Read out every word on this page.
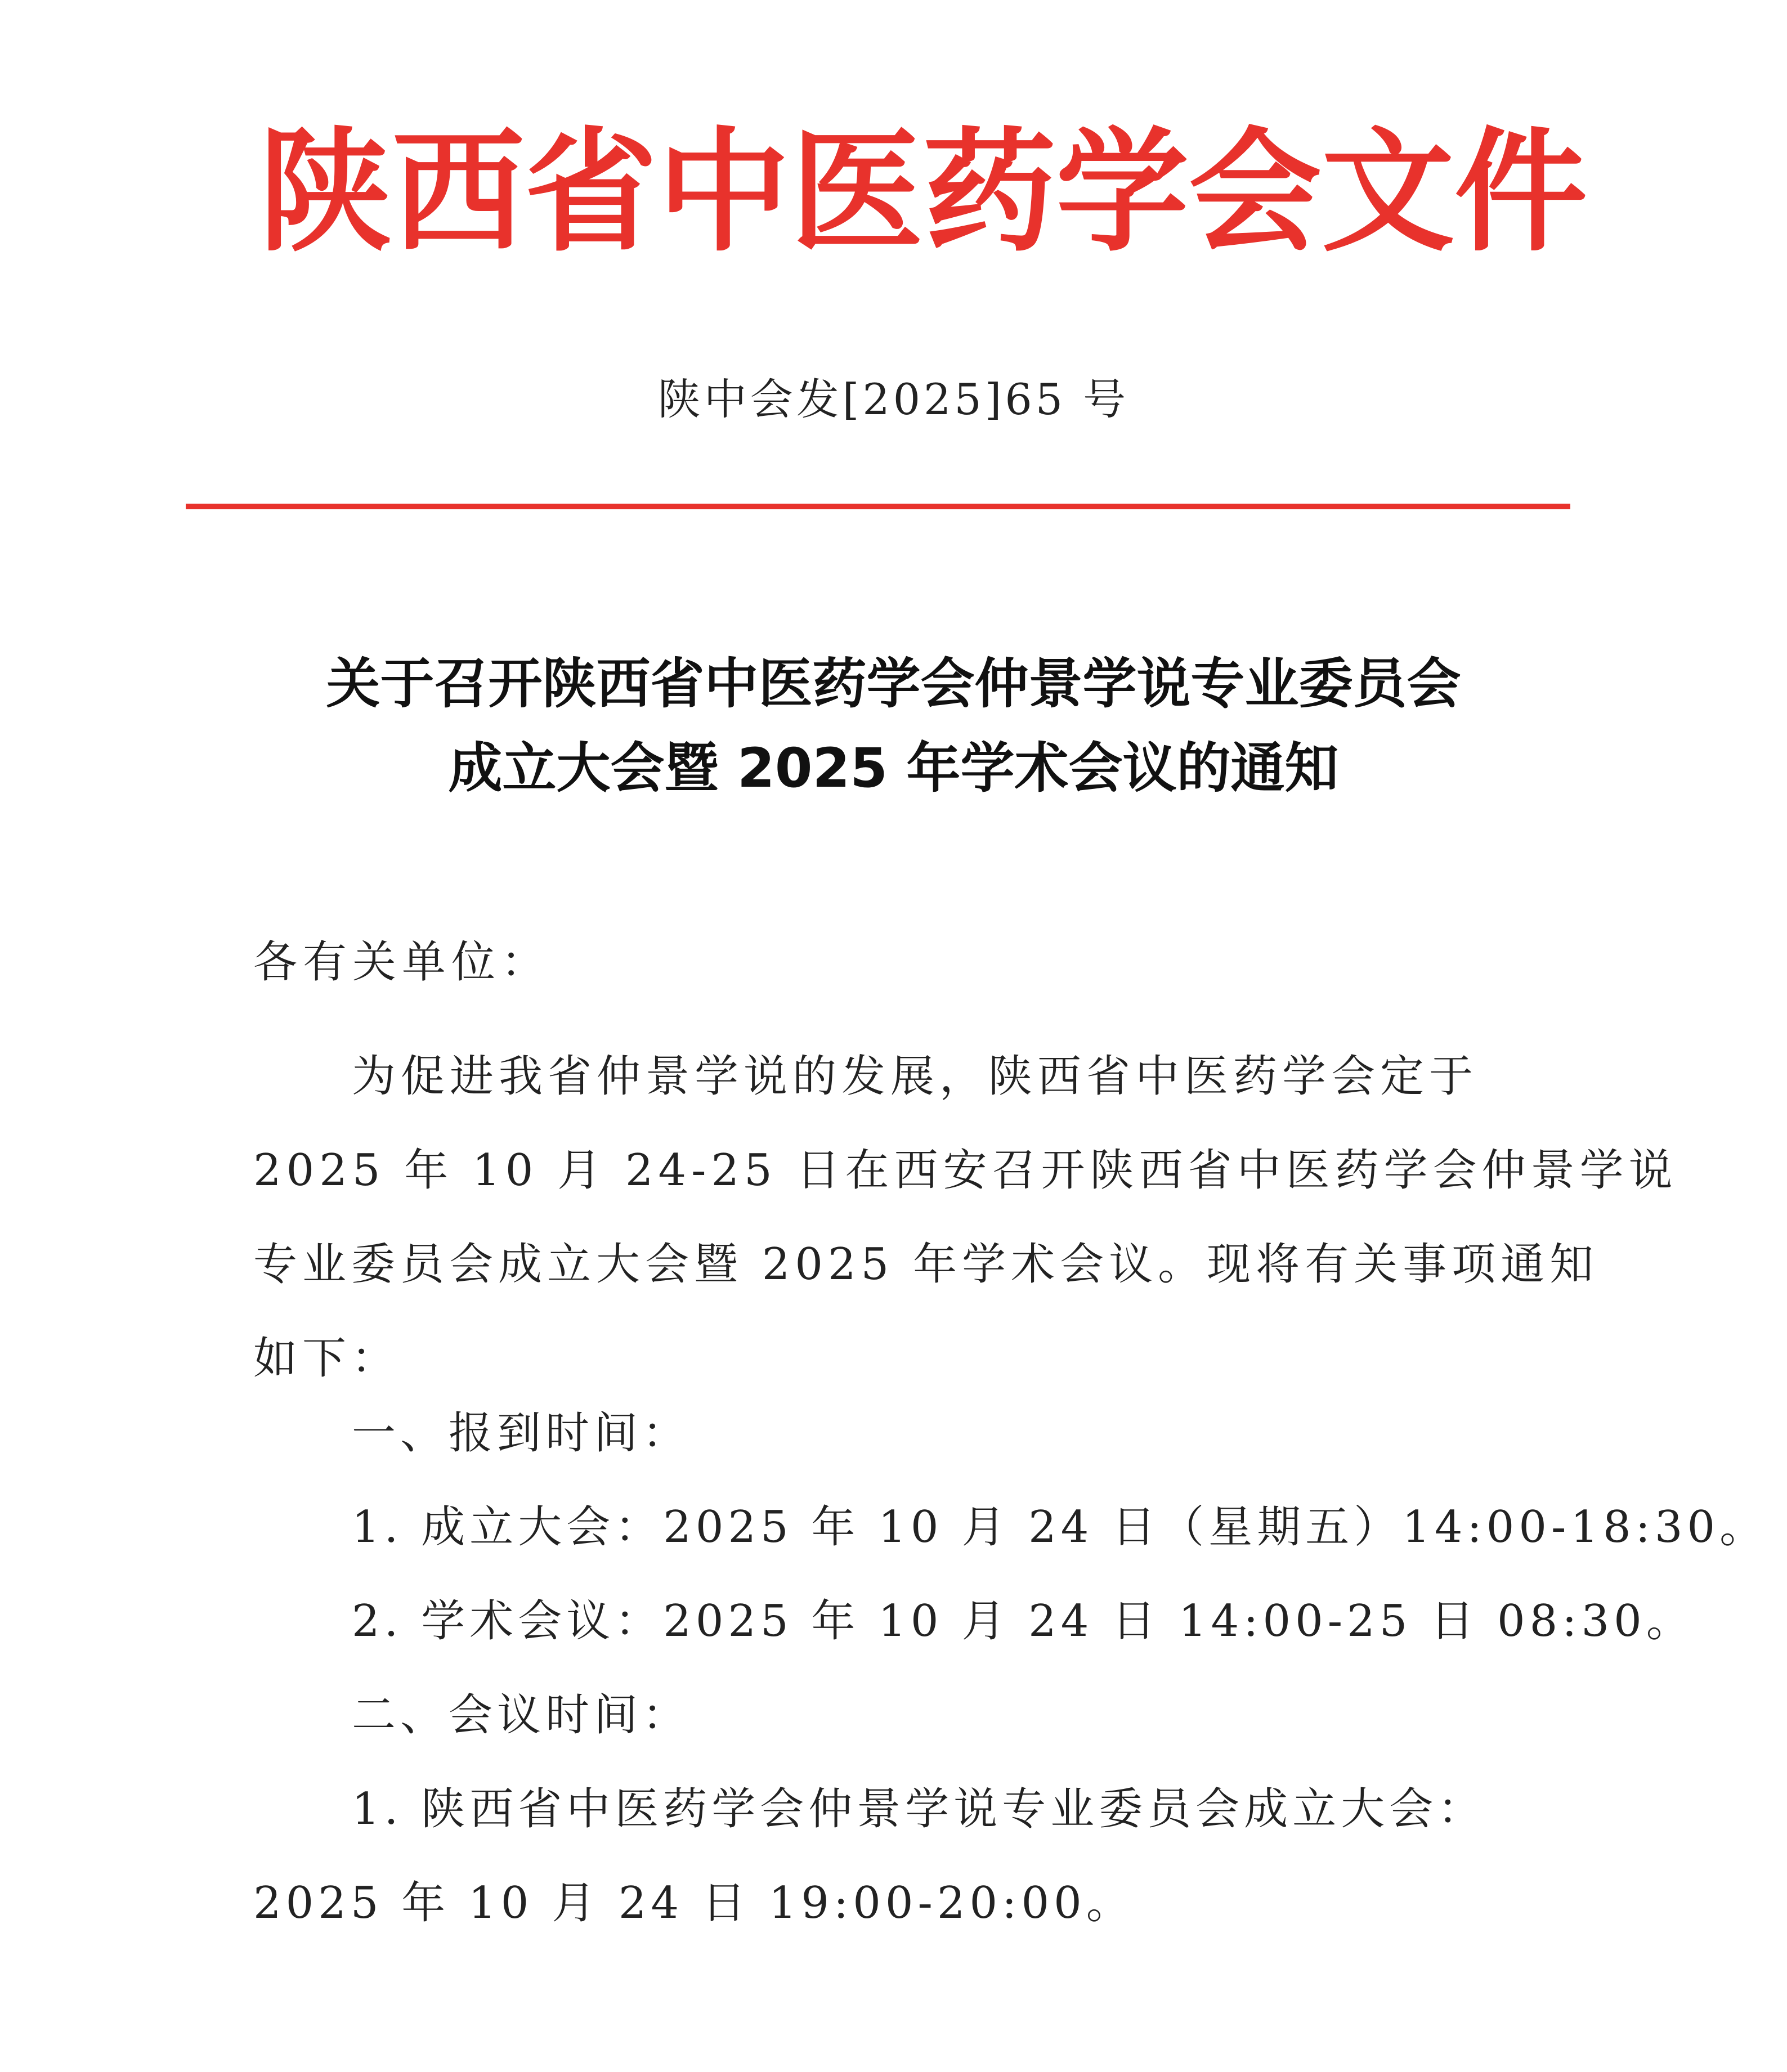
陕西省中医药学会文件
陕中会发[2025]65 号
关于召开陕西省中医药学会仲景学说专业委员会
成立大会暨 2025 年学术会议的通知
各有关单位：
为促进我省仲景学说的发展，陕西省中医药学会定于
2025 年 10 月 24-25 日在西安召开陕西省中医药学会仲景学说
专业委员会成立大会暨 2025 年学术会议。现将有关事项通知
如下：
一、报到时间：
1. 成立大会：2025 年 10 月 24 日（星期五）14:00-18:30。
2. 学术会议：2025 年 10 月 24 日 14:00-25 日 08:30。
二、会议时间：
1. 陕西省中医药学会仲景学说专业委员会成立大会：
2025 年 10 月 24 日 19:00-20:00。
